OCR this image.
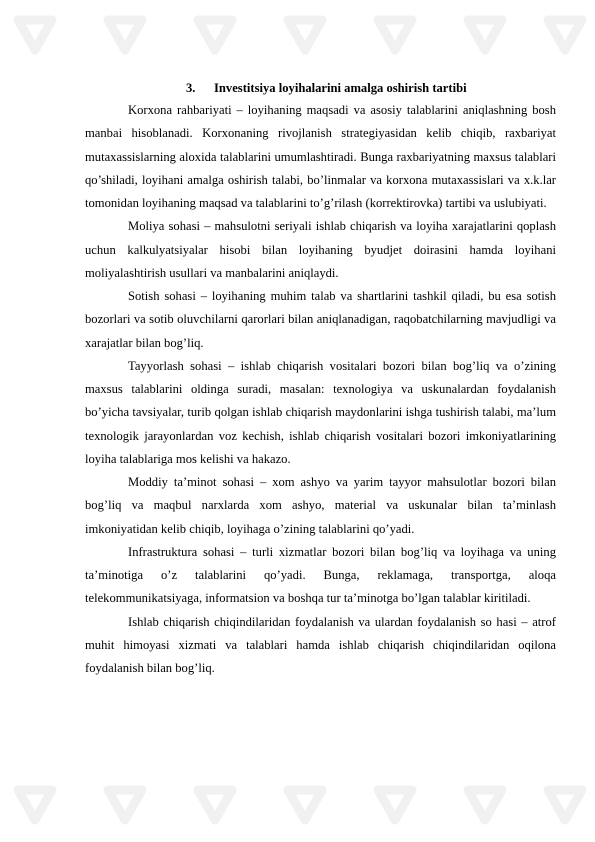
3. Investitsiya loyihalarini amalga oshirish tartibi

Korxona rahbariyati – loyihaning maqsadi va asosiy talablarini aniqlashning bosh manbai hisoblanadi. Korxonaning rivojlanish strategiyasidan kelib chiqib, raxbariyat mutaxassislarning aloxida talablarini umumlashtiradi. Bunga raxbariyatning maxsus talablari qo’shiladi, loyihani amalga oshirish talabi, bo’linmalar va korxona mutaxassislari va x.k.lar tomonidan loyihaning maqsad va talablarini to’g’rilash (korrektirovka) tartibi va uslubiyati.

Moliya sohasi – mahsulotni seriyali ishlab chiqarish va loyiha xarajatlarini qoplash uchun kalkulyatsiyalar hisobi bilan loyihaning byudjet doirasini hamda loyihani moliyalashtirish usullari va manbalarini aniqlaydi.

Sotish sohasi – loyihaning muhim talab va shartlarini tashkil qiladi, bu esa sotish bozorlari va sotib oluvchilarni qarorlari bilan aniqlanadigan, raqobatchilarning mavjudligi va xarajatlar bilan bog’liq.

Tayyorlash sohasi – ishlab chiqarish vositalari bozori bilan bog’liq va o’zining maxsus talablarini oldinga suradi, masalan: texnologiya va uskunalardan foydalanish bo’yicha tavsiyalar, turib qolgan ishlab chiqarish maydonlarini ishga tushirish talabi, ma’lum texnologik jarayonlardan voz kechish, ishlab chiqarish vositalari bozori imkoniyatlarining loyiha talablariga mos kelishi va hakazo.

Moddiy ta’minot sohasi – xom ashyo va yarim tayyor mahsulotlar bozori bilan bog’liq va maqbul narxlarda xom ashyo, material va uskunalar bilan ta’minlash imkoniyatidan kelib chiqib, loyihaga o’zining talablarini qo’yadi.

Infrastruktura sohasi – turli xizmatlar bozori bilan bog’liq va loyihaga va uning ta’minotiga o’z talablarini qo’yadi. Bunga, reklamaga, transportga, aloqa telekommunikatsiyaga, informatsion va boshqa tur ta’minotga bo’lgan talablar kiritiladi.

Ishlab chiqarish chiqindilaridan foydalanish va ulardan foydalanish so hasi – atrof muhit himoyasi xizmati va talablari hamda ishlab chiqarish chiqindilaridan oqilona foydalanish bilan bog’liq.
